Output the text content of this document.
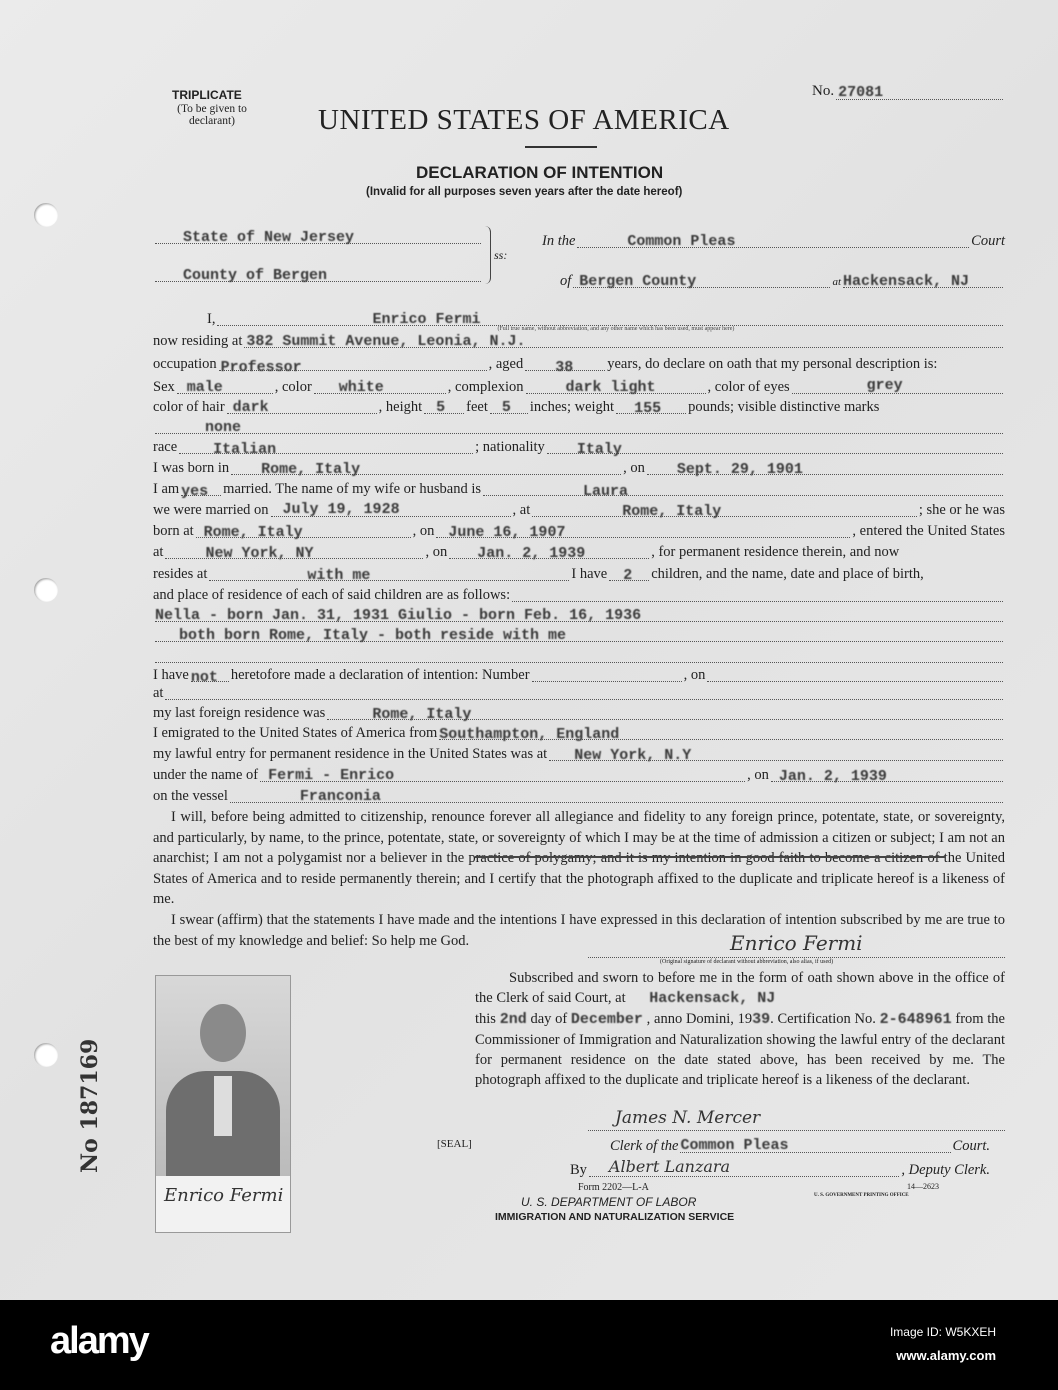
TRIPLICATE
(To be given to declarant)
No. 27081
UNITED STATES OF AMERICA
DECLARATION OF INTENTION
(Invalid for all purposes seven years after the date hereof)
State of New Jersey
County of Bergen
ss:
In the	Common Pleas	Court
of Bergen County	at Hackensack, NJ
I,	Enrico Fermi
(Full true name, without abbreviation, and any other name which has been used, must appear here)
now residing at 382 Summit Avenue, Leonia, N.J.
occupation Professor	, aged 38 years, do declare on oath that my personal description is:
Sex male	, color white	, complexion	dark light	, color of eyes	grey
color of hair dark	, height 5 feet 5 inches; weight 155 pounds; visible distinctive marks
none
race Italian	; nationality Italy
I was born in Rome, Italy	, on Sept. 29, 1901
I am yes married. The name of my wife or husband is	Laura
we were married on July 19, 1928	, at	Rome, Italy	; she or he was
born at Rome, Italy	, on June 16, 1907	, entered the United States
at	New York, NY	, on Jan. 2, 1939	, for permanent residence therein, and now
resides at	with me	I have 2 children, and the name, date and place of birth,
and place of residence of each of said children are as follows:
Nella - born Jan. 31, 1931 Giulio - born Feb. 16, 1936
both born Rome, Italy - both reside with me
I have not heretofore made a declaration of intention: Number	, on
at
my last foreign residence was	Rome, Italy
I emigrated to the United States of America from Southampton, England
my lawful entry for permanent residence in the United States was at New York, N.Y
under the name of Fermi - Enrico	, on Jan. 2, 1939
on the vessel	Franconia
I will, before being admitted to citizenship, renounce forever all allegiance and fidelity to any foreign prince, potentate, state, or sovereignty, and particularly, by name, to the prince, potentate, state, or sovereignty of which I may be at the time of admission a citizen or subject; I am not an anarchist; I am not a polygamist nor a believer in the practice of polygamy; and it is my intention in good faith to become a citizen of the United States of America and to reside permanently therein; and I certify that the photograph affixed to the duplicate and triplicate hereof is a likeness of me.
I swear (affirm) that the statements I have made and the intentions I have expressed in this declaration of intention subscribed by me are true to the best of my knowledge and belief: So help me God.	Enrico Fermi
(Original signature of declarant without abbreviation, also alias, if used)
Subscribed and sworn to before me in the form of oath shown above in the office of the Clerk of said Court, at Hackensack, NJ
this 2nd day of December , anno Domini, 1939. Certification No. 2-648961 from the Commissioner of Immigration and Naturalization showing the lawful entry of the declarant for permanent residence on the date stated above, has been received by me. The photograph affixed to the duplicate and triplicate hereof is a likeness of the declarant.
James N. Mercer
[SEAL]	Clerk of the Common Pleas	Court.
By Albert Lanzara	, Deputy Clerk.
Form 2202—L-A	14—2623
U. S. GOVERNMENT PRINTING OFFICE
U. S. DEPARTMENT OF LABOR
IMMIGRATION AND NATURALIZATION SERVICE
Enrico Fermi
No 187169
alamy	Image ID: W5KXEH
www.alamy.com
